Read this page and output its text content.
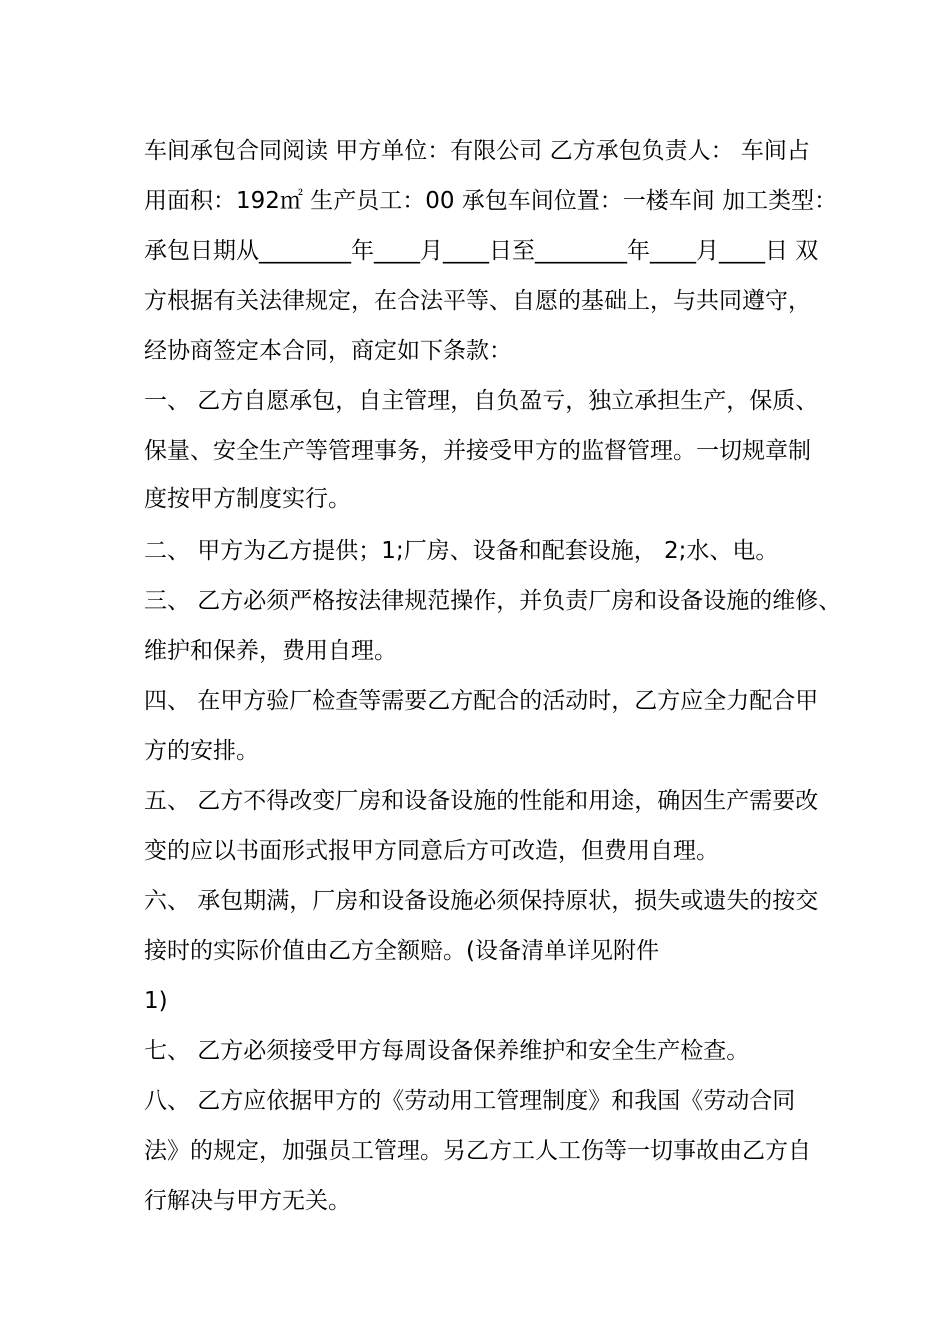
车间承包合同阅读 甲方单位：有限公司 乙方承包负责人： 车间占
用面积：192㎡ 生产员工：00 承包车间位置：一楼车间 加工类型：
承包日期从________年____月____日至________年____月____日 双
方根据有关法律规定，在合法平等、自愿的基础上，与共同遵守，
经协商签定本合同，商定如下条款：
一、 乙方自愿承包，自主管理，自负盈亏，独立承担生产，保质、
保量、安全生产等管理事务，并接受甲方的监督管理。一切规章制
度按甲方制度实行。
二、 甲方为乙方提供；1;厂房、设备和配套设施， 2;水、电。
三、 乙方必须严格按法律规范操作，并负责厂房和设备设施的维修、
维护和保养，费用自理。
四、 在甲方验厂检查等需要乙方配合的活动时，乙方应全力配合甲
方的安排。
五、 乙方不得改变厂房和设备设施的性能和用途，确因生产需要改
变的应以书面形式报甲方同意后方可改造，但费用自理。
六、 承包期满，厂房和设备设施必须保持原状，损失或遗失的按交
接时的实际价值由乙方全额赔。(设备清单详见附件
1)
七、 乙方必须接受甲方每周设备保养维护和安全生产检查。
八、 乙方应依据甲方的《劳动用工管理制度》和我国《劳动合同
法》的规定，加强员工管理。另乙方工人工伤等一切事故由乙方自
行解决与甲方无关。
